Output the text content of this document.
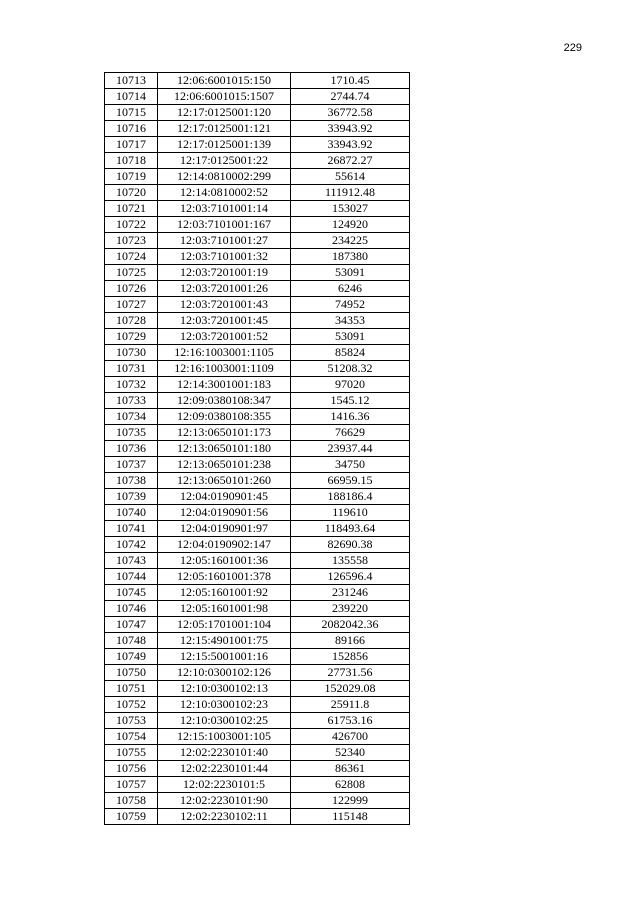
229
10713	12:06:6001015:150	1710.45
10714	12:06:6001015:1507	2744.74
10715	12:17:0125001:120	36772.58
10716	12:17:0125001:121	33943.92
10717	12:17:0125001:139	33943.92
10718	12:17:0125001:22	26872.27
10719	12:14:0810002:299	55614
10720	12:14:0810002:52	111912.48
10721	12:03:7101001:14	153027
10722	12:03:7101001:167	124920
10723	12:03:7101001:27	234225
10724	12:03:7101001:32	187380
10725	12:03:7201001:19	53091
10726	12:03:7201001:26	6246
10727	12:03:7201001:43	74952
10728	12:03:7201001:45	34353
10729	12:03:7201001:52	53091
10730	12:16:1003001:1105	85824
10731	12:16:1003001:1109	51208.32
10732	12:14:3001001:183	97020
10733	12:09:0380108:347	1545.12
10734	12:09:0380108:355	1416.36
10735	12:13:0650101:173	76629
10736	12:13:0650101:180	23937.44
10737	12:13:0650101:238	34750
10738	12:13:0650101:260	66959.15
10739	12:04:0190901:45	188186.4
10740	12:04:0190901:56	119610
10741	12:04:0190901:97	118493.64
10742	12:04:0190902:147	82690.38
10743	12:05:1601001:36	135558
10744	12:05:1601001:378	126596.4
10745	12:05:1601001:92	231246
10746	12:05:1601001:98	239220
10747	12:05:1701001:104	2082042.36
10748	12:15:4901001:75	89166
10749	12:15:5001001:16	152856
10750	12:10:0300102:126	27731.56
10751	12:10:0300102:13	152029.08
10752	12:10:0300102:23	25911.8
10753	12:10:0300102:25	61753.16
10754	12:15:1003001:105	426700
10755	12:02:2230101:40	52340
10756	12:02:2230101:44	86361
10757	12:02:2230101:5	62808
10758	12:02:2230101:90	122999
10759	12:02:2230102:11	115148
